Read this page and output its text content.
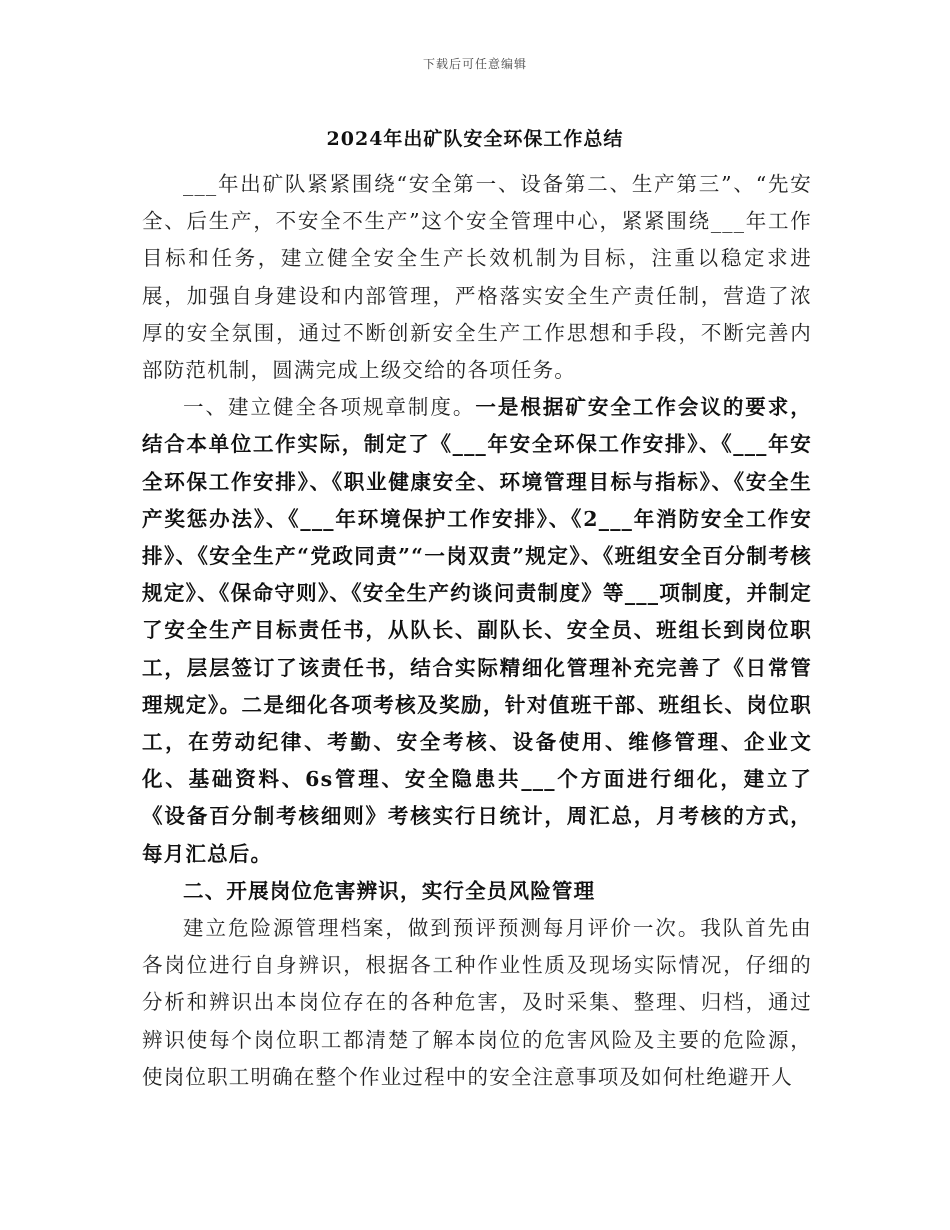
下载后可任意编辑
2024年出矿队安全环保工作总结

___年出矿队紧紧围绕“安全第一、设备第二、生产第三”、“先安全、后生产，不安全不生产”这个安全管理中心，紧紧围绕___年工作目标和任务，建立健全安全生产长效机制为目标，注重以稳定求进展，加强自身建设和内部管理，严格落实安全生产责任制，营造了浓厚的安全氛围，通过不断创新安全生产工作思想和手段，不断完善内部防范机制，圆满完成上级交给的各项任务。

一、建立健全各项规章制度。一是根据矿安全工作会议的要求，结合本单位工作实际，制定了《___年安全环保工作安排》、《___年安全环保工作安排》、《职业健康安全、环境管理目标与指标》、《安全生产奖惩办法》、《___年环境保护工作安排》、《2___年消防安全工作安排》、《安全生产“党政同责”“一岗双责”规定》、《班组安全百分制考核规定》、《保命守则》、《安全生产约谈问责制度》等___项制度，并制定了安全生产目标责任书，从队长、副队长、安全员、班组长到岗位职工，层层签订了该责任书，结合实际精细化管理补充完善了《日常管理规定》。二是细化各项考核及奖励，针对值班干部、班组长、岗位职工，在劳动纪律、考勤、安全考核、设备使用、维修管理、企业文化、基础资料、6s管理、安全隐患共___个方面进行细化，建立了《设备百分制考核细则》考核实行日统计，周汇总，月考核的方式，每月汇总后。

二、开展岗位危害辨识，实行全员风险管理

建立危险源管理档案，做到预评预测每月评价一次。我队首先由各岗位进行自身辨识，根据各工种作业性质及现场实际情况，仔细的分析和辨识出本岗位存在的各种危害，及时采集、整理、归档，通过辨识使每个岗位职工都清楚了解本岗位的危害风险及主要的危险源，使岗位职工明确在整个作业过程中的安全注意事项及如何杜绝避开人
